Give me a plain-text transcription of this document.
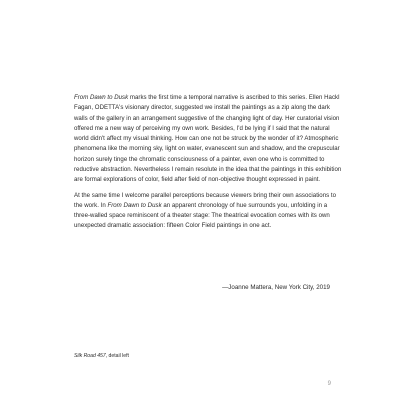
From Dawn to Dusk marks the first time a temporal narrative is ascribed to this series. Ellen Hackl Fagan, ODETTA's visionary director, suggested we install the paintings as a zip along the dark walls of the gallery in an arrangement suggestive of the changing light of day. Her curatorial vision offered me a new way of perceiving my own work. Besides, I'd be lying if I said that the natural world didn't affect my visual thinking. How can one not be struck by the wonder of it? Atmospheric phenomena like the morning sky, light on water, evanescent sun and shadow, and the crepuscular horizon surely tinge the chromatic consciousness of a painter, even one who is committed to reductive abstraction. Nevertheless I remain resolute in the idea that the paintings in this exhibition are formal explorations of color, field after field of non-objective thought expressed in paint.

At the same time I welcome parallel perceptions because viewers bring their own associations to the work. In From Dawn to Dusk an apparent chronology of hue surrounds you, unfolding in a three-walled space reminiscent of a theater stage: The theatrical evocation comes with its own unexpected dramatic association: fifteen Color Field paintings in one act.

—Joanne Mattera, New York City, 2019
Silk Road 457, detail left
9
